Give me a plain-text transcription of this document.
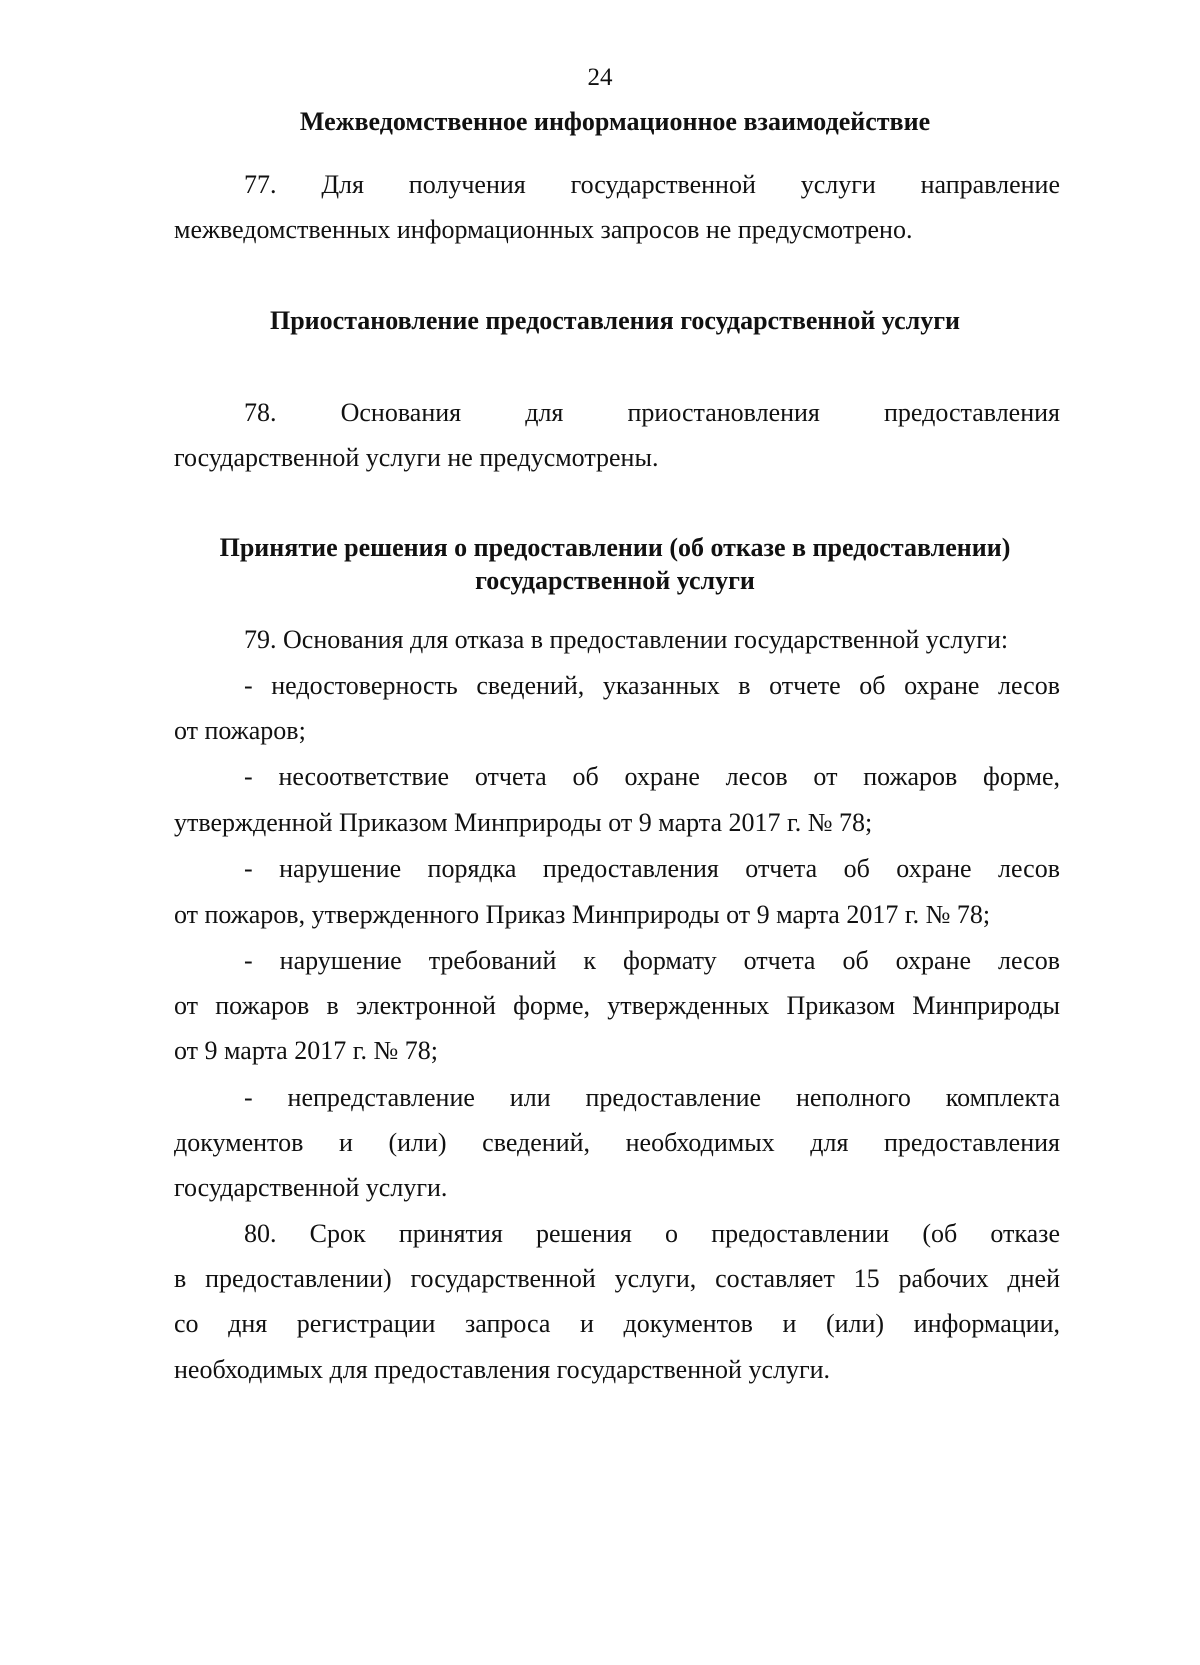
24
Межведомственное информационное взаимодействие
77. Для получения государственной услуги направление
межведомственных информационных запросов не предусмотрено.
Приостановление предоставления государственной услуги
78. Основания для приостановления предоставления
государственной услуги не предусмотрены.
Принятие решения о предоставлении (об отказе в предоставлении)
государственной услуги
79. Основания для отказа в предоставлении государственной услуги:
- недостоверность сведений, указанных в отчете об охране лесов
от пожаров;
- несоответствие отчета об охране лесов от пожаров форме,
утвержденной Приказом Минприроды от 9 марта 2017 г. № 78;
- нарушение порядка предоставления отчета об охране лесов
от пожаров, утвержденного Приказ Минприроды от 9 марта 2017 г. № 78;
- нарушение требований к формату отчета об охране лесов
от пожаров в электронной форме, утвержденных Приказом Минприроды
от 9 марта 2017 г. № 78;
- непредставление или предоставление неполного комплекта
документов и (или) сведений, необходимых для предоставления
государственной услуги.
80. Срок принятия решения о предоставлении (об отказе
в предоставлении) государственной услуги, составляет 15 рабочих дней
со дня регистрации запроса и документов и (или) информации,
необходимых для предоставления государственной услуги.
